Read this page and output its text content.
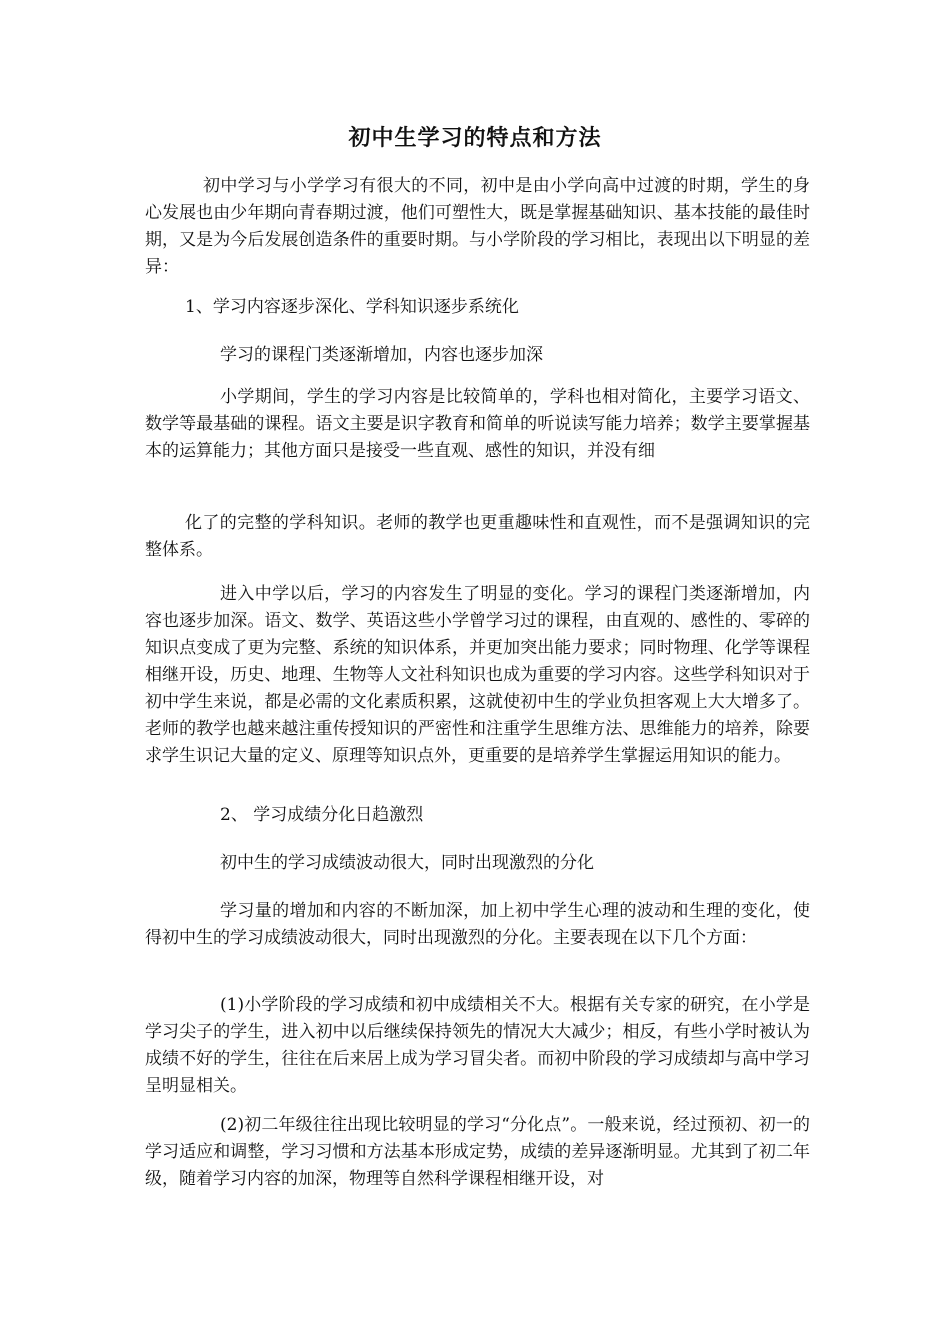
初中生学习的特点和方法
初中学习与小学学习有很大的不同，初中是由小学向高中过渡的时期，学生的身心发展也由少年期向青春期过渡，他们可塑性大，既是掌握基础知识、基本技能的最佳时期，又是为今后发展创造条件的重要时期。与小学阶段的学习相比，表现出以下明显的差异：
1、学习内容逐步深化、学科知识逐步系统化
学习的课程门类逐渐增加，内容也逐步加深
小学期间，学生的学习内容是比较简单的，学科也相对简化，主要学习语文、数学等最基础的课程。语文主要是识字教育和简单的听说读写能力培养；数学主要掌握基本的运算能力；其他方面只是接受一些直观、感性的知识，并没有细
化了的完整的学科知识。老师的教学也更重趣味性和直观性，而不是强调知识的完整体系。
进入中学以后，学习的内容发生了明显的变化。学习的课程门类逐渐增加，内容也逐步加深。语文、数学、英语这些小学曾学习过的课程，由直观的、感性的、零碎的知识点变成了更为完整、系统的知识体系，并更加突出能力要求；同时物理、化学等课程相继开设，历史、地理、生物等人文社科知识也成为重要的学习内容。这些学科知识对于初中学生来说，都是必需的文化素质积累，这就使初中生的学业负担客观上大大增多了。老师的教学也越来越注重传授知识的严密性和注重学生思维方法、思维能力的培养，除要求学生识记大量的定义、原理等知识点外，更重要的是培养学生掌握运用知识的能力。
2、 学习成绩分化日趋激烈
初中生的学习成绩波动很大，同时出现激烈的分化
学习量的增加和内容的不断加深，加上初中学生心理的波动和生理的变化，使得初中生的学习成绩波动很大，同时出现激烈的分化。主要表现在以下几个方面：
(1)小学阶段的学习成绩和初中成绩相关不大。根据有关专家的研究，在小学是学习尖子的学生，进入初中以后继续保持领先的情况大大减少；相反，有些小学时被认为成绩不好的学生，往往在后来居上成为学习冒尖者。而初中阶段的学习成绩却与高中学习呈明显相关。
(2)初二年级往往出现比较明显的学习“分化点”。一般来说，经过预初、初一的学习适应和调整，学习习惯和方法基本形成定势，成绩的差异逐渐明显。尤其到了初二年级，随着学习内容的加深，物理等自然科学课程相继开设，对
